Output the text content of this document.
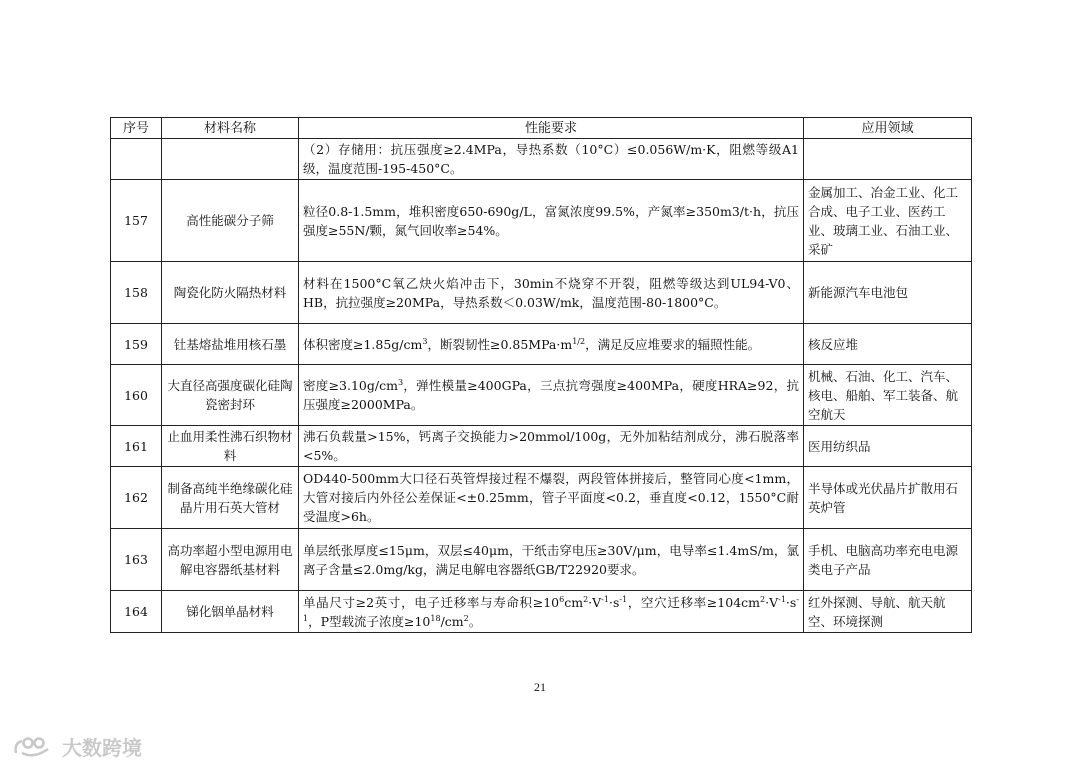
序号	材料名称	性能要求	应用领域
		（2）存储用：抗压强度≥2.4MPa，导热系数（10°C）≤0.056W/m·K，阻燃等级A1级，温度范围-195-450°C。	
157	高性能碳分子筛	粒径0.8-1.5mm，堆积密度650-690g/L，富氮浓度99.5%，产氮率≥350m3/t·h，抗压强度≥55N/颗，氮气回收率≥54%。	金属加工、冶金工业、化工合成、电子工业、医药工业、玻璃工业、石油工业、采矿
158	陶瓷化防火隔热材料	材料在1500°C氧乙炔火焰冲击下，30min不烧穿不开裂，阻燃等级达到UL94-V0、HB，抗拉强度≥20MPa，导热系数＜0.03W/mk，温度范围-80-1800°C。	新能源汽车电池包
159	钍基熔盐堆用核石墨	体积密度$\ge 1.85g/cm^3$，断裂韧性$\ge 0.85MPa\cdot m^{1/2}$，满足反应堆要求的辐照性能。	核反应堆
160	大直径高强度碳化硅陶瓷密封环	密度$\ge 3.10g/cm^3$，弹性模量≥400GPa，三点抗弯强度≥400MPa，硬度HRA≥92，抗压强度≥2000MPa。	机械、石油、化工、汽车、核电、船舶、军工装备、航空航天
161	止血用柔性沸石织物材料	沸石负载量>15%，钙离子交换能力>20mmol/100g，无外加粘结剂成分，沸石脱落率<5%。	医用纺织品
162	制备高纯半绝缘碳化硅晶片用石英大管材	OD440-500mm大口径石英管焊接过程不爆裂，两段管体拼接后，整管同心度<1mm，大管对接后内外径公差保证<±0.25mm，管子平面度<0.2，垂直度<0.12，1550°C耐受温度>6h。	半导体或光伏晶片扩散用石英炉管
163	高功率超小型电源用电解电容器纸基材料	单层纸张厚度≤15μm，双层≤40μm，干纸击穿电压≥30V/μm，电导率≤1.4mS/m，氯离子含量≤2.0mg/kg，满足电解电容器纸GB/T22920要求。	手机、电脑高功率充电电源类电子产品
164	锑化铟单晶材料	单晶尺寸≥2英寸，电子迁移率与寿命积$\ge 10^6cm^2\cdot V^{-1}\cdot s^{-1}$，空穴迁移率$\ge 104cm^2\cdot V^{-1}\cdot s^{-1}$，P型载流子浓度$\ge 10^{18}/cm^2$。	红外探测、导航、航天航空、环境探测
21
大数跨境
